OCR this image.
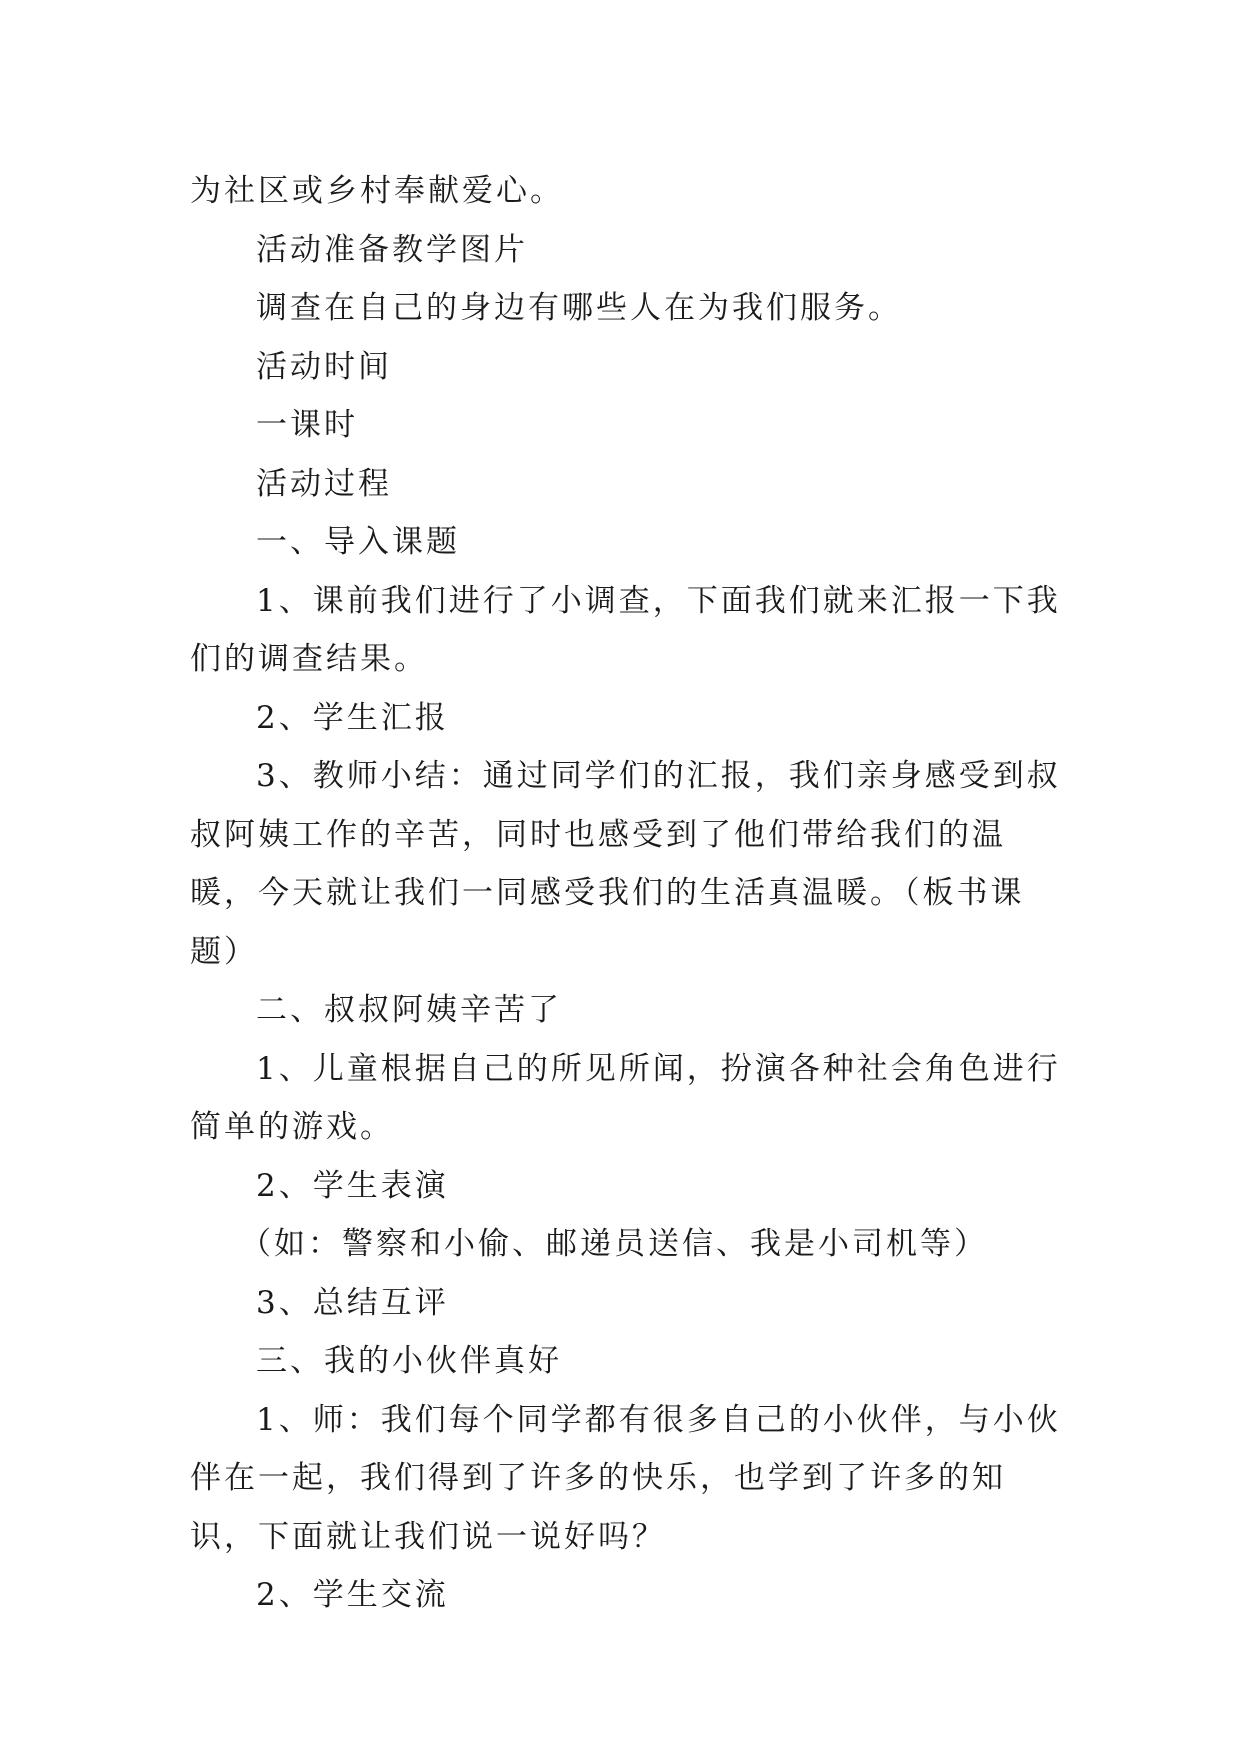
为社区或乡村奉献爱心。

活动准备教学图片

调查在自己的身边有哪些人在为我们服务。

活动时间

一课时

活动过程

一、导入课题

1、课前我们进行了小调查，下面我们就来汇报一下我们的调查结果。

2、学生汇报

3、教师小结：通过同学们的汇报，我们亲身感受到叔叔阿姨工作的辛苦，同时也感受到了他们带给我们的温暖，今天就让我们一同感受我们的生活真温暖。（板书课题）

二、叔叔阿姨辛苦了

1、儿童根据自己的所见所闻，扮演各种社会角色进行简单的游戏。

2、学生表演

（如：警察和小偷、邮递员送信、我是小司机等）

3、总结互评

三、我的小伙伴真好

1、师：我们每个同学都有很多自己的小伙伴，与小伙伴在一起，我们得到了许多的快乐，也学到了许多的知识，下面就让我们说一说好吗？

2、学生交流
